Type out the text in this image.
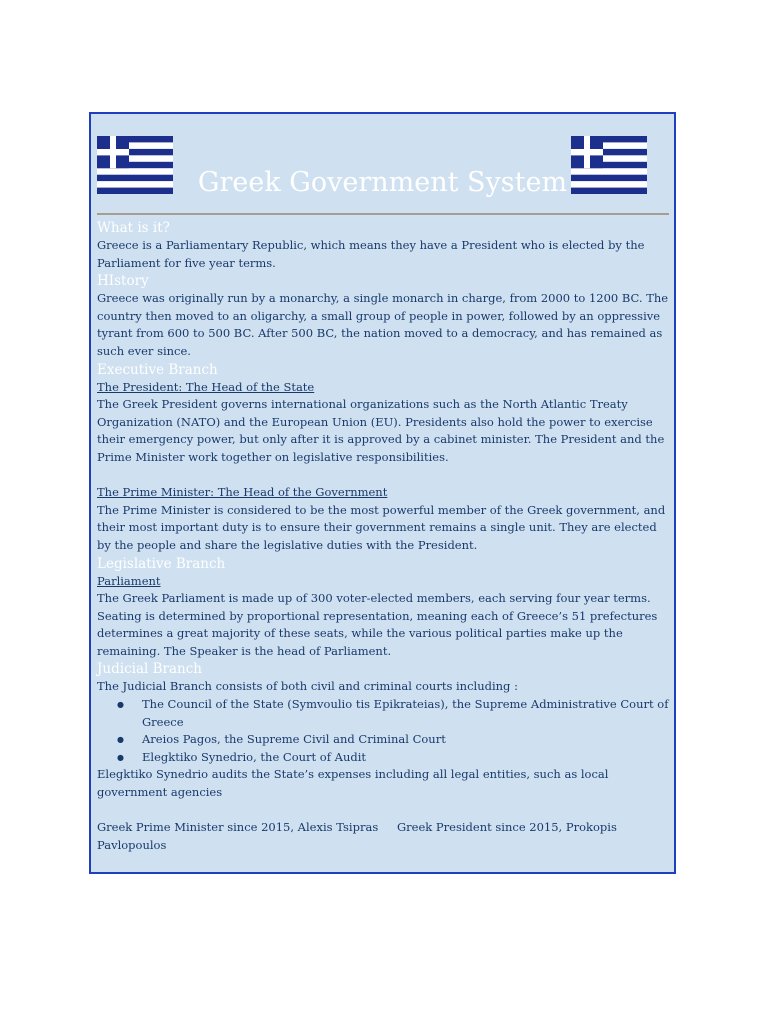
Greek Government System
What is it?

Greece is a Parliamentary Republic, which means they have a President who is elected by the Parliament for five year terms.

HIstory

Greece was originally run by a monarchy, a single monarch in charge, from 2000 to 1200 BC. The country then moved to an oligarchy, a small group of people in power, followed by an oppressive tyrant from 600 to 500 BC. After 500 BC, the nation moved to a democracy, and has remained as such ever since.

Executive Branch

The President: The Head of the State

The Greek President governs international organizations such as the North Atlantic Treaty Organization (NATO) and the European Union (EU). Presidents also hold the power to exercise their emergency power, but only after it is approved by a cabinet minister. The President and the Prime Minister work together on legislative responsibilities.

The Prime Minister: The Head of the Government

The Prime Minister is considered to be the most powerful member of the Greek government, and their most important duty is to ensure their government remains a single unit. They are elected by the people and share the legislative duties with the President.

Legislative Branch

Parliament

The Greek Parliament is made up of 300 voter-elected members, each serving four year terms. Seating is determined by proportional representation, meaning each of Greece’s 51 prefectures determines a great majority of these seats, while the various political parties make up the remaining. The Speaker is the head of Parliament.

Judicial Branch

The Judicial Branch consists of both civil and criminal courts including :

● The Council of the State (Symvoulio tis Epikrateias), the Supreme Administrative Court of Greece
● Areios Pagos, the Supreme Civil and Criminal Court
● Elegktiko Synedrio, the Court of Audit

Elegktiko Synedrio audits the State’s expenses including all legal entities, such as local government agencies

Greek Prime Minister since 2015, Alexis Tsipras Greek President since 2015, Prokopis
Pavlopoulos
